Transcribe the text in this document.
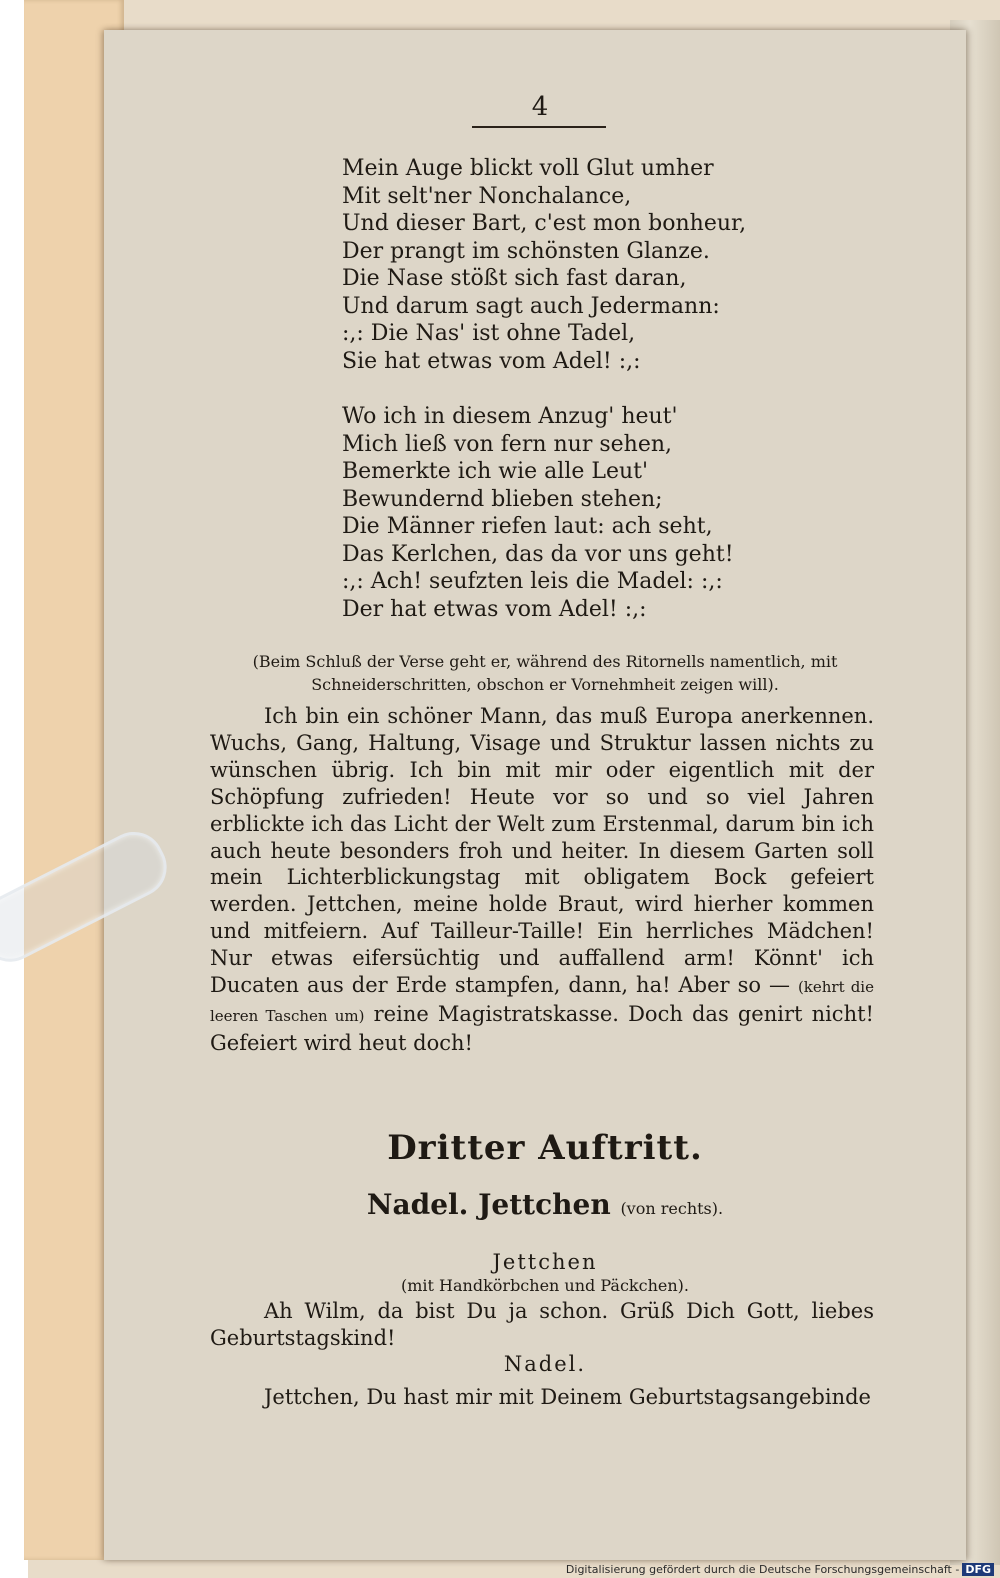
4
Mein Auge blickt voll Glut umher
Mit selt'ner Nonchalance,
Und dieser Bart, c'est mon bonheur,
Der prangt im schönsten Glanze.
Die Nase stößt sich fast daran,
Und darum sagt auch Jedermann:
:,: Die Nas' ist ohne Tadel,
Sie hat etwas vom Adel! :,:
Wo ich in diesem Anzug' heut'
Mich ließ von fern nur sehen,
Bemerkte ich wie alle Leut'
Bewundernd blieben stehen;
Die Männer riefen laut: ach seht,
Das Kerlchen, das da vor uns geht!
:,: Ach! seufzten leis die Madel: :,:
Der hat etwas vom Adel! :,:
(Beim Schluß der Verse geht er, während des Ritornells namentlich, mit Schneiderschritten, obschon er Vornehmheit zeigen will).
Ich bin ein schöner Mann, das muß Europa anerkennen. Wuchs, Gang, Haltung, Visage und Struktur lassen nichts zu wünschen übrig. Ich bin mit mir oder eigentlich mit der Schöpfung zufrieden! Heute vor so und so viel Jahren erblickte ich das Licht der Welt zum Erstenmal, darum bin ich auch heute besonders froh und heiter. In diesem Garten soll mein Lichterblickungstag mit obligatem Bock gefeiert werden. Jettchen, meine holde Braut, wird hierher kommen und mitfeiern. Auf Tailleur-Taille! Ein herrliches Mädchen! Nur etwas eifersüchtig und auffallend arm! Könnt' ich Ducaten aus der Erde stampfen, dann, ha! Aber so — (kehrt die leeren Taschen um) reine Magistratskasse. Doch das genirt nicht! Gefeiert wird heut doch!
Dritter Auftritt.
Nadel. Jettchen (von rechts).
Jettchen
(mit Handkörbchen und Päckchen).
Ah Wilm, da bist Du ja schon. Grüß Dich Gott, liebes Geburtstagskind!
Nadel.
Jettchen, Du hast mir mit Deinem Geburtstagsangebinde
Digitalisierung gefördert durch die Deutsche Forschungsgemeinschaft - DFG
